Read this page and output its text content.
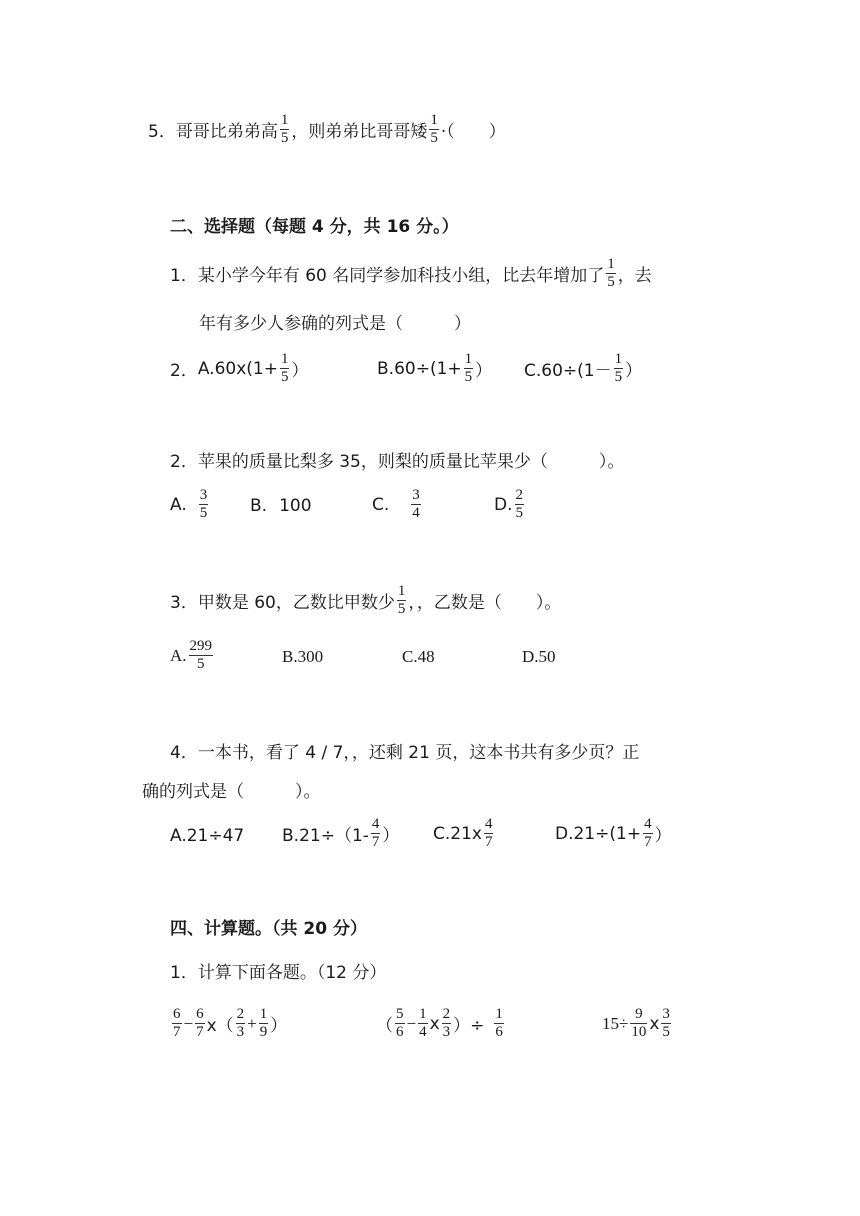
5．哥哥比弟弟高 $\frac{1}{5}$ ，则弟弟比哥哥矮 $\frac{1}{5}$ ·（　　）
二、选择题（每题 4 分，共 16 分。）
1．某小学今年有 60 名同学参加科技小组，比去年增加了 $\frac{1}{5}$ ，去
年有多少人参确的列式是（　　　）
2． $A.60x(1+ \frac{1}{5}$ ）	$B.60\div(1+ \frac{1}{5}$ ） $C.60\div(1- \frac{1}{5}$ ）
2．苹果的质量比梨多 35，则梨的质量比苹果少（　　　）。
A. $\frac{3}{5} B$. 100	C. $\frac{3}{4}$	D. $\frac{2}{5}$
3．甲数是 60，乙数比甲数少 $\frac{1}{5}$ ，，乙数是（　　）。
A. $\frac{299}{5}$	B.300	C.48	D.50
4．一本书，看了 4 / 7，，还剩 21 页，这本书共有多少页？正
确的列式是（　　　）。
A.21÷47 $B.21\div(1- \frac{4}{7}$ ） $C.21x \frac{4}{7}$	$D.21\div(1+ \frac{4}{7}$ ）
四、计算题。（共 20 分）
1．计算下面各题。（12 分）
$\frac{6}{7} - \frac{6}{7} x( \frac{2}{3} + \frac{1}{9}$ ）	（ $\frac{5}{6} - \frac{1}{4}$ x $\frac{2}{3}$ ）÷ $\frac{1}{6}$	$15\div \frac{9}{10}$ x $\frac{3}{5}$
